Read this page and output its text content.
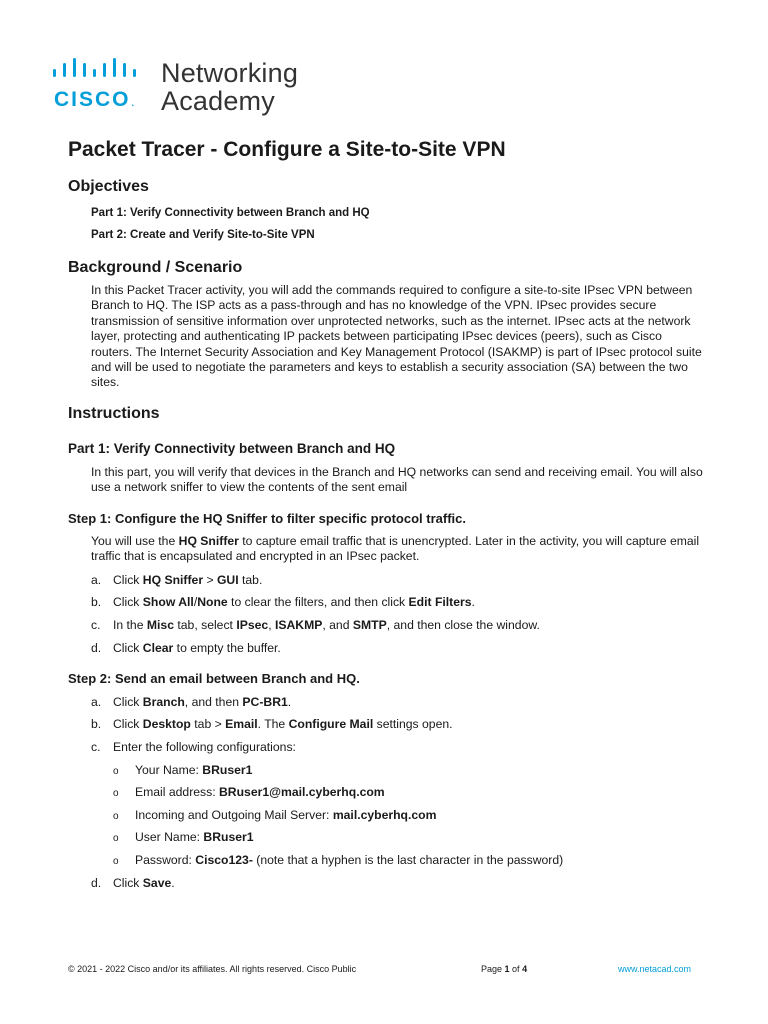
CISCO.
Networking
Academy
Packet Tracer - Configure a Site-to-Site VPN
Objectives
Part 1: Verify Connectivity between Branch and HQ
Part 2: Create and Verify Site-to-Site VPN
Background / Scenario
In this Packet Tracer activity, you will add the commands required to configure a site-to-site IPsec VPN between Branch to HQ. The ISP acts as a pass-through and has no knowledge of the VPN. IPsec provides secure transmission of sensitive information over unprotected networks, such as the internet. IPsec acts at the network layer, protecting and authenticating IP packets between participating IPsec devices (peers), such as Cisco routers. The Internet Security Association and Key Management Protocol (ISAKMP) is part of IPsec protocol suite and will be used to negotiate the parameters and keys to establish a security association (SA) between the two sites.
Instructions
Part 1: Verify Connectivity between Branch and HQ
In this part, you will verify that devices in the Branch and HQ networks can send and receiving email. You will also use a network sniffer to view the contents of the sent email
Step 1: Configure the HQ Sniffer to filter specific protocol traffic.
You will use the HQ Sniffer to capture email traffic that is unencrypted. Later in the activity, you will capture email traffic that is encapsulated and encrypted in an IPsec packet.
a. Click HQ Sniffer > GUI tab.
b. Click Show All/None to clear the filters, and then click Edit Filters.
c. In the Misc tab, select IPsec, ISAKMP, and SMTP, and then close the window.
d. Click Clear to empty the buffer.
Step 2: Send an email between Branch and HQ.
a. Click Branch, and then PC-BR1.
b. Click Desktop tab > Email. The Configure Mail settings open.
c. Enter the following configurations:
o Your Name: BRuser1
o Email address: BRuser1@mail.cyberhq.com
o Incoming and Outgoing Mail Server: mail.cyberhq.com
o User Name: BRuser1
o Password: Cisco123- (note that a hyphen is the last character in the password)
d. Click Save.
© 2021 - 2022 Cisco and/or its affiliates. All rights reserved. Cisco Public	Page 1 of 4	www.netacad.com
